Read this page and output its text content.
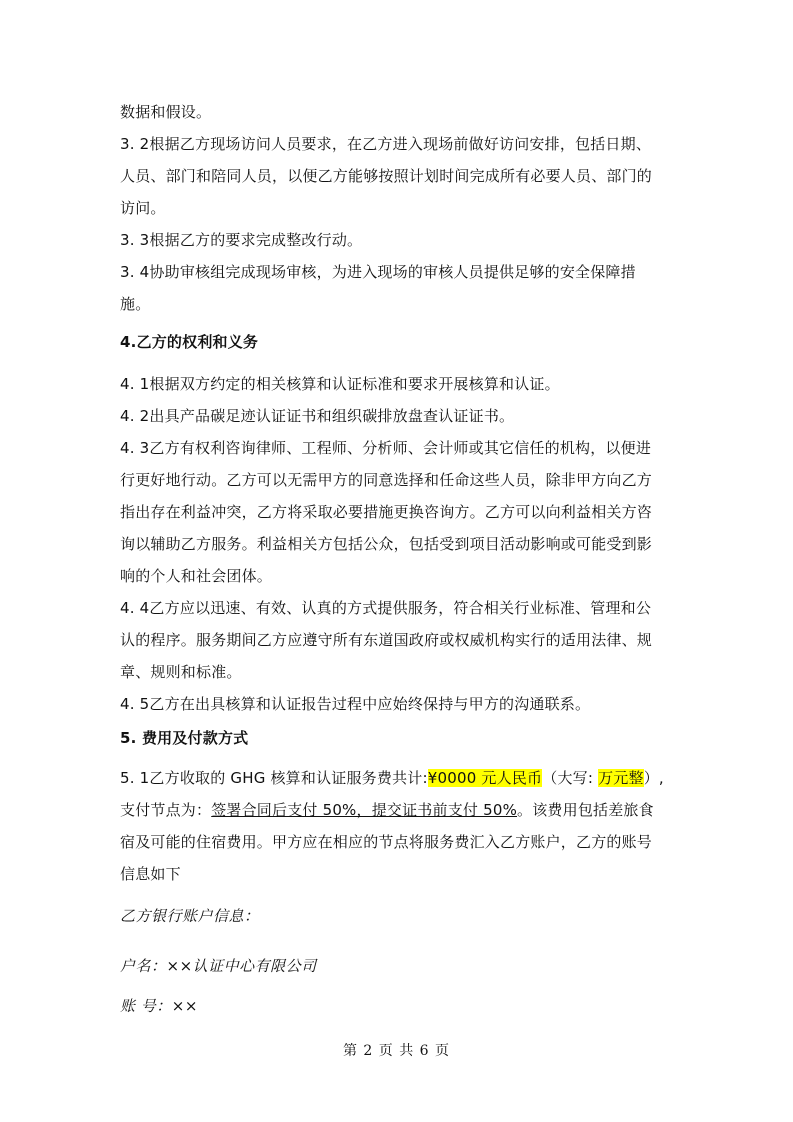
数据和假设。
3. 2根据乙方现场访问人员要求，在乙方进入现场前做好访问安排，包括日期、
人员、部门和陪同人员，以便乙方能够按照计划时间完成所有必要人员、部门的
访问。
3. 3根据乙方的要求完成整改行动。
3. 4协助审核组完成现场审核，为进入现场的审核人员提供足够的安全保障措
施。
4.乙方的权利和义务
4. 1根据双方约定的相关核算和认证标准和要求开展核算和认证。
4. 2出具产品碳足迹认证证书和组织碳排放盘查认证证书。
4. 3乙方有权利咨询律师、工程师、分析师、会计师或其它信任的机构，以便进
行更好地行动。乙方可以无需甲方的同意选择和任命这些人员，除非甲方向乙方
指出存在利益冲突，乙方将采取必要措施更换咨询方。乙方可以向利益相关方咨
询以辅助乙方服务。利益相关方包括公众，包括受到项目活动影响或可能受到影
响的个人和社会团体。
4. 4乙方应以迅速、有效、认真的方式提供服务，符合相关行业标准、管理和公
认的程序。服务期间乙方应遵守所有东道国政府或权威机构实行的适用法律、规
章、规则和标准。
4. 5乙方在出具核算和认证报告过程中应始终保持与甲方的沟通联系。
5. 费用及付款方式
5. 1乙方收取的 GHG 核算和认证服务费共计:¥0000 元人民币（大写: 万元整）,
支付节点为：签署合同后支付 50%，提交证书前支付 50%。该费用包括差旅食
宿及可能的住宿费用。甲方应在相应的节点将服务费汇入乙方账户，乙方的账号
信息如下
乙方银行账户信息：
户名：××认证中心有限公司
账 号：××
第 2 页 共 6 页
